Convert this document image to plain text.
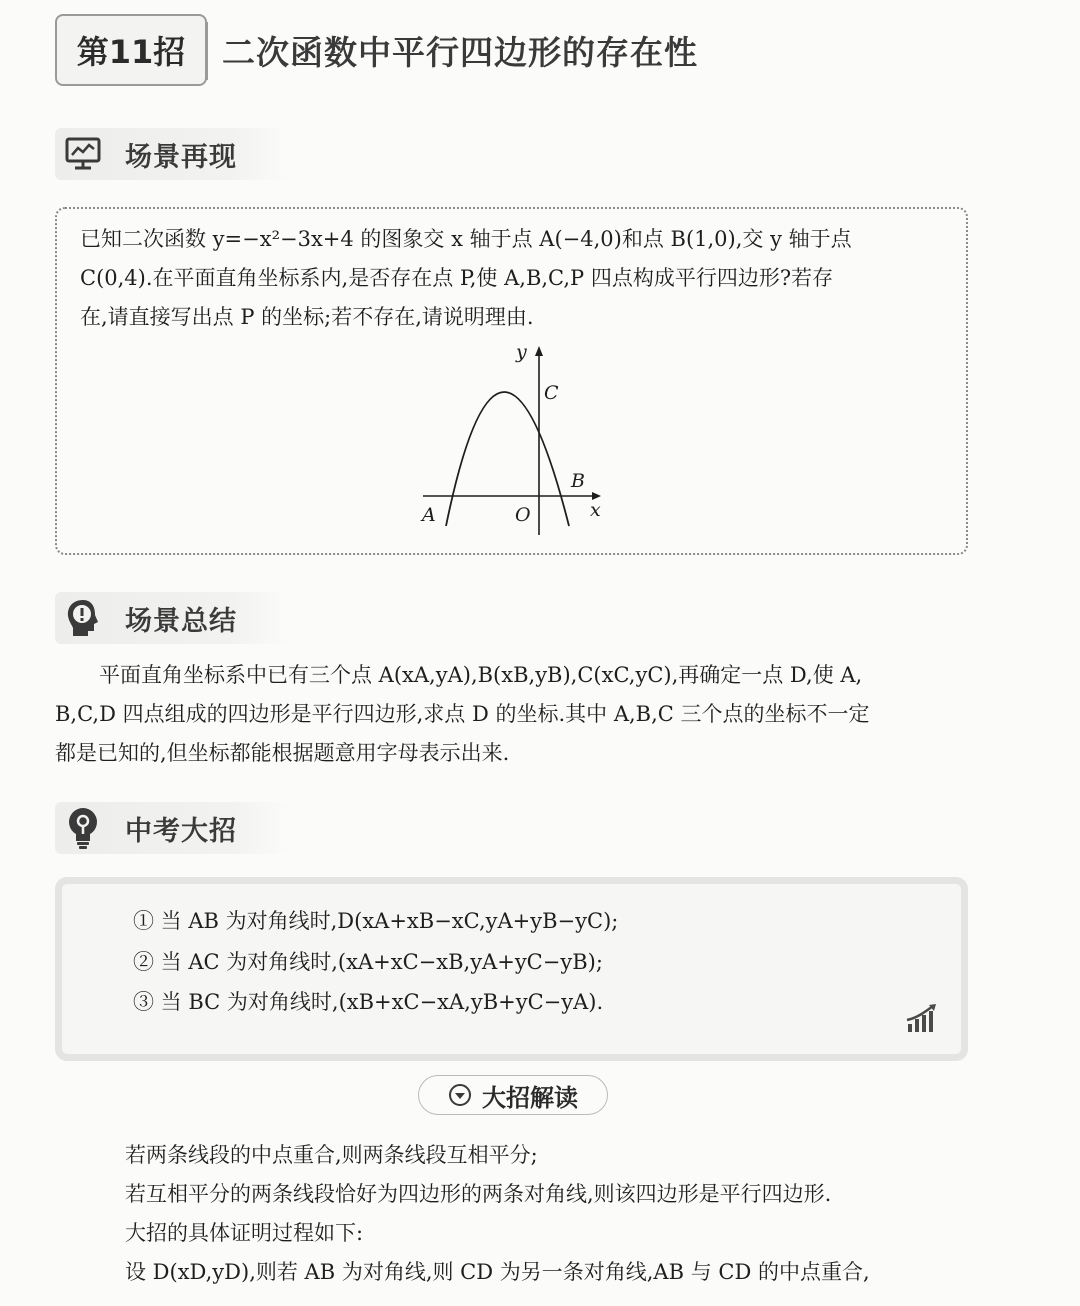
第11招	二次函数中平行四边形的存在性
场景再现
已知二次函数 y=−x²−3x+4 的图象交 x 轴于点 A(−4,0)和点 B(1,0),交 y 轴于点
C(0,4).在平面直角坐标系内,是否存在点 P,使 A,B,C,P 四点构成平行四边形?若存
在,请直接写出点 P 的坐标;若不存在,请说明理由.
y
x
O
A
B
C
场景总结
平面直角坐标系中已有三个点 A(xA,yA),B(xB,yB),C(xC,yC),再确定一点 D,使 A,
B,C,D 四点组成的四边形是平行四边形,求点 D 的坐标.其中 A,B,C 三个点的坐标不一定
都是已知的,但坐标都能根据题意用字母表示出来.
中考大招
① 当 AB 为对角线时,D(xA+xB−xC,yA+yB−yC);
② 当 AC 为对角线时,(xA+xC−xB,yA+yC−yB);
③ 当 BC 为对角线时,(xB+xC−xA,yB+yC−yA).
大招解读
若两条线段的中点重合,则两条线段互相平分;
若互相平分的两条线段恰好为四边形的两条对角线,则该四边形是平行四边形.
大招的具体证明过程如下:
设 D(xD,yD),则若 AB 为对角线,则 CD 为另一条对角线,AB 与 CD 的中点重合,
